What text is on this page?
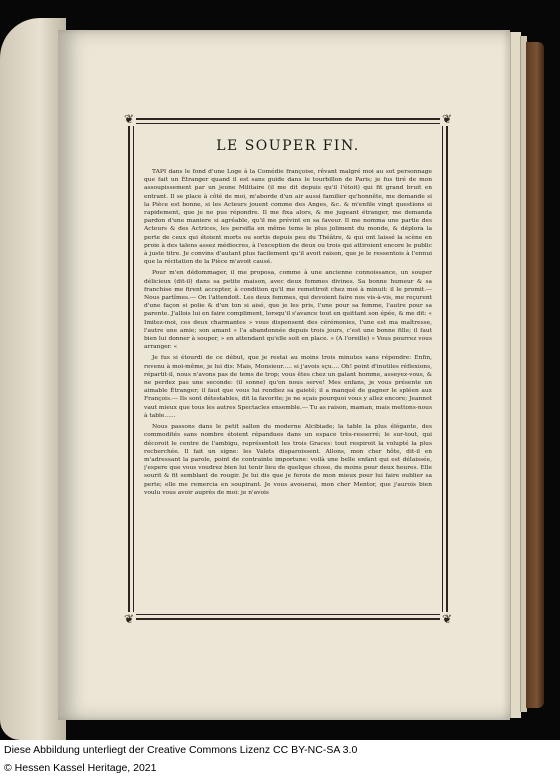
❦	❦
❦	❦
LE SOUPER FIN.

TAPI dans le fond d'une Loge à la Comédie françoise, rêvant malgré moi au sot personnage que fait un Étranger quand il est sans guide dans le tourbillon de Paris; je fus tiré de mon assoupissement par un jeune Militaire (il me dit depuis qu'il l'étoit) qui fit grand bruit en entrant. Il se place à côté de moi, m'aborde d'un air aussi familier qu'honnête, me demande si la Pièce est bonne, si les Acteurs jouent comme des Anges, &c. & m'enfile vingt questions si rapidement, que je ne pus répondre. Il me fixa alors, & me jugeant étranger, me demanda pardon d'une maniere si agréable, qu'il me prévint en sa faveur. Il me nomma une partie des Acteurs & des Actrices, les persifla en même tems le plus joliment du monde, & déplora la perte de ceux qui étoient morts ou sortis depuis peu du Théâtre, & qui ont laissé la scène en proie à des talens assez médiocres, à l'exception de deux ou trois qui attiroient encore le public à juste titre. Je convins d'autant plus facilement qu'il avoit raison, que je le ressentois à l'ennui que la récitation de la Pièce m'avoit causé.

Pour m'en dédommager, il me proposa, comme à une ancienne connoissance, un souper délicieux (dit-il) dans sa petite maison, avec deux femmes divines. Sa bonne humeur & sa franchise me firent accepter, à condition qu'il me remettroit chez moi à minuit: il le promit.--- Nous partîmes.--- On l'attendoit. Les deux femmes, qui devoient faire nos vis-à-vis, me reçurent d'une façon si polie & d'un ton si aisé, que je les pris, l'une pour sa femme, l'autre pour sa parente. J'allois lui en faire compliment, lorsqu'il s'avance tout en quittant son épée, & me dit: « Imitez-moi, ces deux charmantes » vous dispensent des cérémonies, l'une est ma maîtresse, l'autre une amie; son amant » l'a abandonnée depuis trois jours, c'est une bonne fille; il faut bien lui donner à souper, » en attendant qu'elle soit en place. » (A l'oreille) » Vous pourrez vous arranger. «

Je fus si étourdi de ce début, que je restai au moins trois minutes sans répondre: Enfin, revenu à moi-même, je lui dis: Mais, Monsieur..... si j'avois sçu.... Oh! point d'inutiles réflexions, répartit-il, nous n'avons pas de tems de trop; vous êtes chez un galant homme, asseyez-vous, & ne perdez pas une seconde: (il sonne) qu'on nous serve! Mes enfans, je vous présente un aimable Étranger; il faut que vous lui rendiez sa gaieté; il a manqué de gagner le spléen aux François.--- Ils sont détestables, dit la favorite; je ne sçais pourquoi vous y allez encore; Jeannot vaut mieux que tous les autres Spectacles ensemble.--- Tu as raison, maman, mais mettons-nous à table......

Nous passons dans le petit sallon du moderne Alcibiade; la table la plus élégante, des commodités sans nombre étoient répandues dans un espace très-resserré; le sur-tout, qui décoroit le centre de l'ambigu, représentoit les trois Graces: tout respiroit la volupté la plus recherchée. Il fait un signe: les Valets disparoissent. Allons, mon cher hôte, dit-il en m'adressant la parole, point de contrainte importune: voilà une belle enfant qui est délaissée, j'espere que vous voudrez bien lui tenir lieu de quelque chose, du moins pour deux heures. Elle sourit & fit semblant de rougir. Je lui dis que je ferois de mon mieux pour lui faire oublier sa perte; elle me remercia en soupirant. Je vous avouerai, mon cher Mentor, que j'aurois bien voulu vous avoir auprès de moi: je n'avois

Diese Abbildung unterliegt der Creative Commons Lizenz CC BY-NC-SA 3.0
© Hessen Kassel Heritage, 2021
